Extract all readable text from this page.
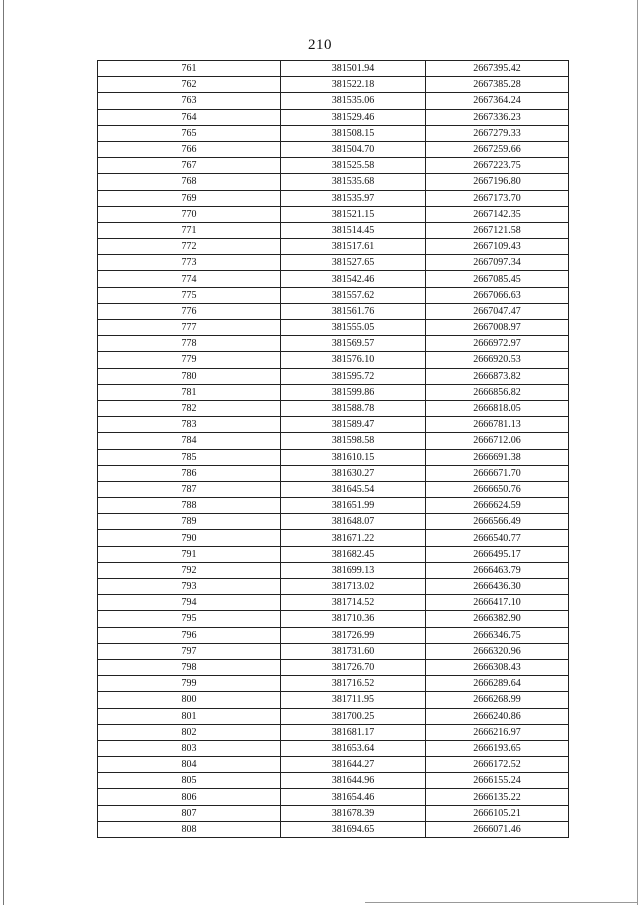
210
761	381501.94	2667395.42
762	381522.18	2667385.28
763	381535.06	2667364.24
764	381529.46	2667336.23
765	381508.15	2667279.33
766	381504.70	2667259.66
767	381525.58	2667223.75
768	381535.68	2667196.80
769	381535.97	2667173.70
770	381521.15	2667142.35
771	381514.45	2667121.58
772	381517.61	2667109.43
773	381527.65	2667097.34
774	381542.46	2667085.45
775	381557.62	2667066.63
776	381561.76	2667047.47
777	381555.05	2667008.97
778	381569.57	2666972.97
779	381576.10	2666920.53
780	381595.72	2666873.82
781	381599.86	2666856.82
782	381588.78	2666818.05
783	381589.47	2666781.13
784	381598.58	2666712.06
785	381610.15	2666691.38
786	381630.27	2666671.70
787	381645.54	2666650.76
788	381651.99	2666624.59
789	381648.07	2666566.49
790	381671.22	2666540.77
791	381682.45	2666495.17
792	381699.13	2666463.79
793	381713.02	2666436.30
794	381714.52	2666417.10
795	381710.36	2666382.90
796	381726.99	2666346.75
797	381731.60	2666320.96
798	381726.70	2666308.43
799	381716.52	2666289.64
800	381711.95	2666268.99
801	381700.25	2666240.86
802	381681.17	2666216.97
803	381653.64	2666193.65
804	381644.27	2666172.52
805	381644.96	2666155.24
806	381654.46	2666135.22
807	381678.39	2666105.21
808	381694.65	2666071.46
